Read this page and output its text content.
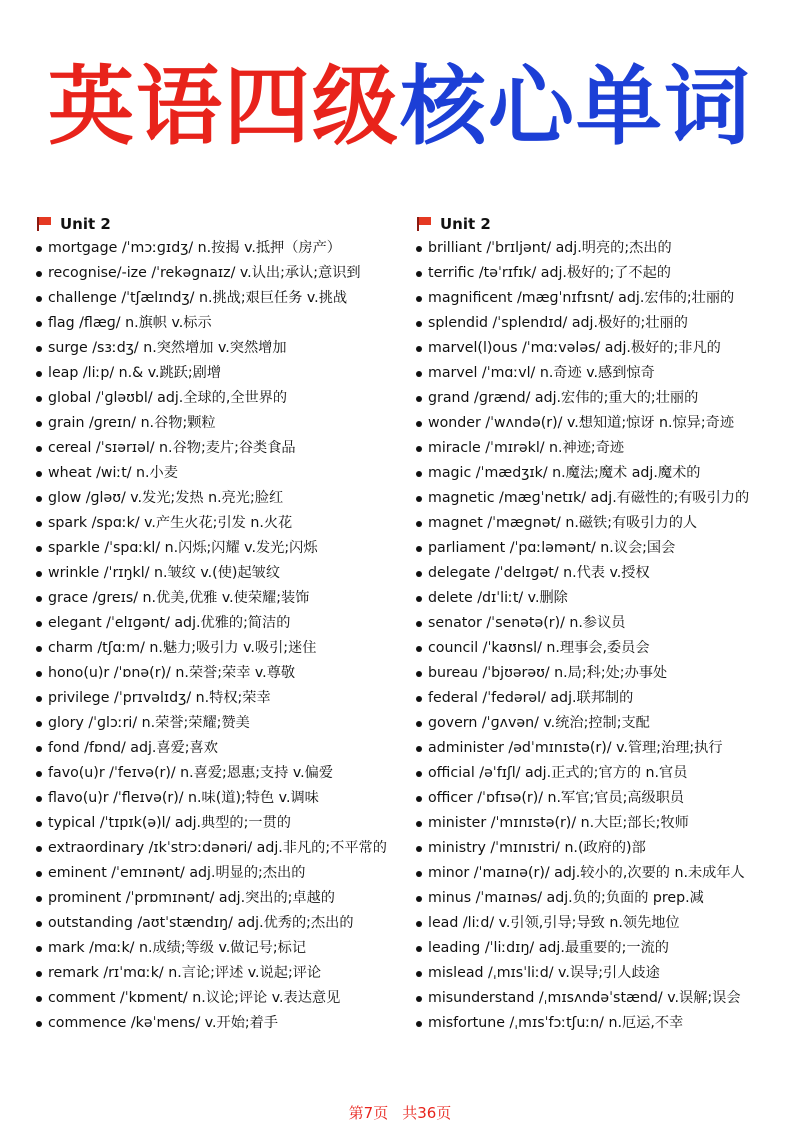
英语四级核心单词
Unit 2
mortgage /ˈmɔːɡɪdʒ/ n.按揭 v.抵押（房产）
recognise/-ize /ˈrekəɡnaɪz/ v.认出;承认;意识到
challenge /ˈtʃælɪndʒ/ n.挑战;艰巨任务 v.挑战
flag /flæɡ/ n.旗帜 v.标示
surge /sɜːdʒ/ n.突然增加 v.突然增加
leap /liːp/ n.& v.跳跃;剧增
global /ˈɡləʊbl/ adj.全球的,全世界的
grain /ɡreɪn/ n.谷物;颗粒
cereal /ˈsɪərɪəl/ n.谷物;麦片;谷类食品
wheat /wiːt/ n.小麦
glow /ɡləʊ/ v.发光;发热 n.亮光;脸红
spark /spɑːk/ v.产生火花;引发 n.火花
sparkle /ˈspɑːkl/ n.闪烁;闪耀 v.发光;闪烁
wrinkle /ˈrɪŋkl/ n.皱纹 v.(使)起皱纹
grace /ɡreɪs/ n.优美,优雅 v.使荣耀;装饰
elegant /ˈelɪɡənt/ adj.优雅的;简洁的
charm /tʃɑːm/ n.魅力;吸引力 v.吸引;迷住
hono(u)r /ˈɒnə(r)/ n.荣誉;荣幸 v.尊敬
privilege /ˈprɪvəlɪdʒ/ n.特权;荣幸
glory /ˈɡlɔːri/ n.荣誉;荣耀;赞美
fond /fɒnd/ adj.喜爱;喜欢
favo(u)r /ˈfeɪvə(r)/ n.喜爱;恩惠;支持 v.偏爱
flavo(u)r /ˈfleɪvə(r)/ n.味(道);特色 v.调味
typical /ˈtɪpɪk(ə)l/ adj.典型的;一贯的
extraordinary /ɪkˈstrɔːdənəri/ adj.非凡的;不平常的
eminent /ˈemɪnənt/ adj.明显的;杰出的
prominent /ˈprɒmɪnənt/ adj.突出的;卓越的
outstanding /aʊtˈstændɪŋ/ adj.优秀的;杰出的
mark /mɑːk/ n.成绩;等级 v.做记号;标记
remark /rɪˈmɑːk/ n.言论;评述 v.说起;评论
comment /ˈkɒment/ n.议论;评论 v.表达意见
commence /kəˈmens/ v.开始;着手
Unit 2
brilliant /ˈbrɪljənt/ adj.明亮的;杰出的
terrific /təˈrɪfɪk/ adj.极好的;了不起的
magnificent /mæɡˈnɪfɪsnt/ adj.宏伟的;壮丽的
splendid /ˈsplendɪd/ adj.极好的;壮丽的
marvel(l)ous /ˈmɑːvələs/ adj.极好的;非凡的
marvel /ˈmɑːvl/ n.奇迹 v.感到惊奇
grand /ɡrænd/ adj.宏伟的;重大的;壮丽的
wonder /ˈwʌndə(r)/ v.想知道;惊讶 n.惊异;奇迹
miracle /ˈmɪrəkl/ n.神迹;奇迹
magic /ˈmædʒɪk/ n.魔法;魔术 adj.魔术的
magnetic /mæɡˈnetɪk/ adj.有磁性的;有吸引力的
magnet /ˈmæɡnət/ n.磁铁;有吸引力的人
parliament /ˈpɑːləmənt/ n.议会;国会
delegate /ˈdelɪɡət/ n.代表 v.授权
delete /dɪˈliːt/ v.删除
senator /ˈsenətə(r)/ n.参议员
council /ˈkaʊnsl/ n.理事会,委员会
bureau /ˈbjʊərəʊ/ n.局;科;处;办事处
federal /ˈfedərəl/ adj.联邦制的
govern /ˈɡʌvən/ v.统治;控制;支配
administer /ədˈmɪnɪstə(r)/ v.管理;治理;执行
official /əˈfɪʃl/ adj.正式的;官方的 n.官员
officer /ˈɒfɪsə(r)/ n.军官;官员;高级职员
minister /ˈmɪnɪstə(r)/ n.大臣;部长;牧师
ministry /ˈmɪnɪstri/ n.(政府的)部
minor /ˈmaɪnə(r)/ adj.较小的,次要的 n.未成年人
minus /ˈmaɪnəs/ adj.负的;负面的 prep.减
lead /liːd/ v.引领,引导;导致 n.领先地位
leading /ˈliːdɪŋ/ adj.最重要的;一流的
mislead /ˌmɪsˈliːd/ v.误导;引人歧途
misunderstand /ˌmɪsʌndəˈstænd/ v.误解;误会
misfortune /ˌmɪsˈfɔːtʃuːn/ n.厄运,不幸
第7页 共36页
